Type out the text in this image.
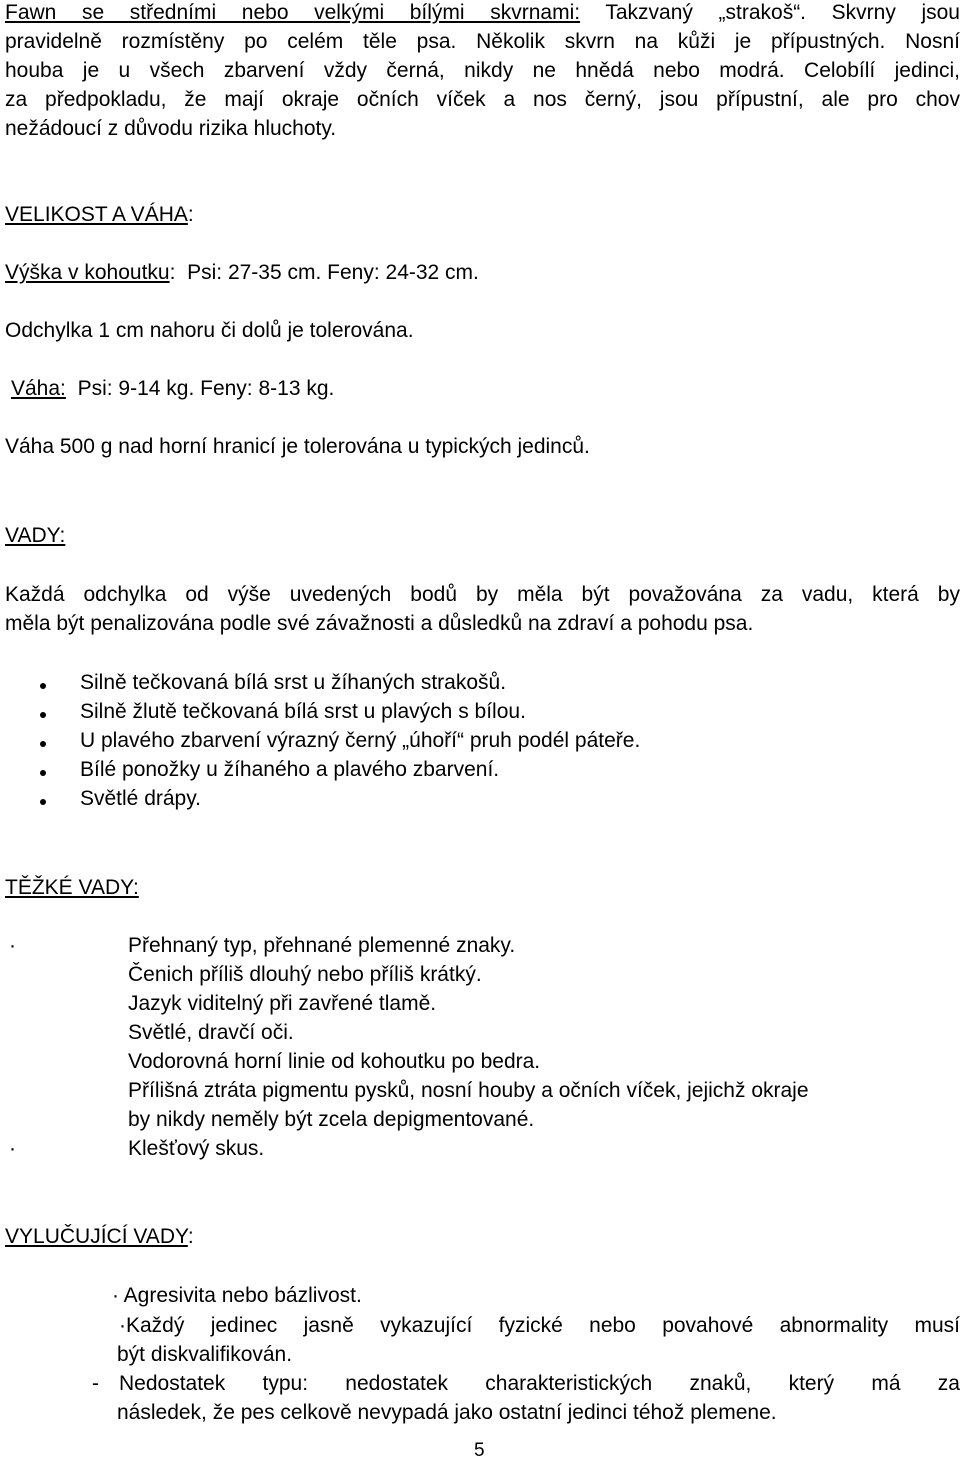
Fawn se středními nebo velkými bílými skvrnami: Takzvaný „strakoš“. Skvrny jsou
pravidelně rozmístěny po celém těle psa. Několik skvrn na kůži je přípustných. Nosní
houba je u všech zbarvení vždy černá, nikdy ne hnědá nebo modrá. Celobílí jedinci,
za předpokladu, že mají okraje očních víček a nos černý, jsou přípustní, ale pro chov
nežádoucí z důvodu rizika hluchoty.
VELIKOST A VÁHA:
Výška v kohoutku: Psi: 27-35 cm. Feny: 24-32 cm.
Odchylka 1 cm nahoru či dolů je tolerována.
Váha: Psi: 9-14 kg. Feny: 8-13 kg.
Váha 500 g nad horní hranicí je tolerována u typických jedinců.
VADY:
Každá odchylka od výše uvedených bodů by měla být považována za vadu, která by
měla být penalizována podle své závažnosti a důsledků na zdraví a pohodu psa.
Silně tečkovaná bílá srst u žíhaných strakošů.
Silně žlutě tečkovaná bílá srst u plavých s bílou.
U plavého zbarvení výrazný černý „úhoří“ pruh podél páteře.
Bílé ponožky u žíhaného a plavého zbarvení.
Světlé drápy.
TĚŽKÉ VADY:
·	Přehnaný typ, přehnané plemenné znaky.
Čenich příliš dlouhý nebo příliš krátký.
Jazyk viditelný při zavřené tlamě.
Světlé, dravčí oči.
Vodorovná horní linie od kohoutku po bedra.
Přílišná ztráta pigmentu pysků, nosní houby a očních víček, jejichž okraje
by nikdy neměly být zcela depigmentované.
·	Klešťový skus.
VYLUČUJÍCÍ VADY:
· Agresivita nebo bázlivost.
·Každý jedinec jasně vykazující fyzické nebo povahové abnormality musí
být diskvalifikován.
- Nedostatek typu: nedostatek charakteristických znaků, který má za
následek, že pes celkově nevypadá jako ostatní jedinci téhož plemene.
5
